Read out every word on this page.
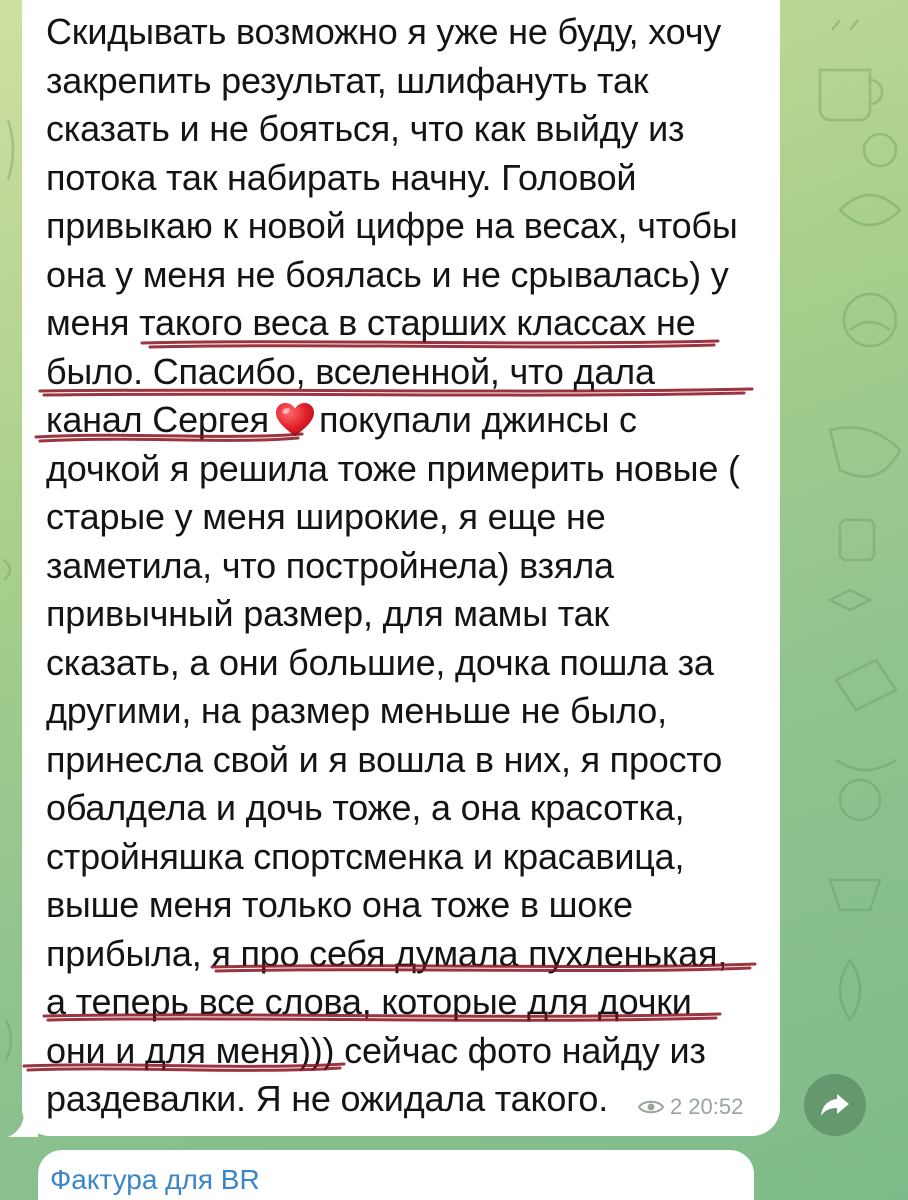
Скидывать возможно я уже не буду, хочу
закрепить результат, шлифануть так
сказать и не бояться, что как выйду из
потока так набирать начну. Головой
привыкаю к новой цифре на весах, чтобы
она у меня не боялась и не срывалась) у
меня такого веса в старших классах не
было. Спасибо, вселенной, что дала
канал Сергея покупали джинсы с
дочкой я решила тоже примерить новые (
старые у меня широкие, я еще не
заметила, что постройнела) взяла
привычный размер, для мамы так
сказать, а они большие, дочка пошла за
другими, на размер меньше не было,
принесла свой и я вошла в них, я просто
обалдела и дочь тоже, а она красотка,
стройняшка спортсменка и красавица,
выше меня только она тоже в шоке
прибыла, я про себя думала пухленькая,
а теперь все слова, которые для дочки
они и для меня))) сейчас фото найду из
раздевалки. Я не ожидала такого.	2 20:52
Фактура для BR
